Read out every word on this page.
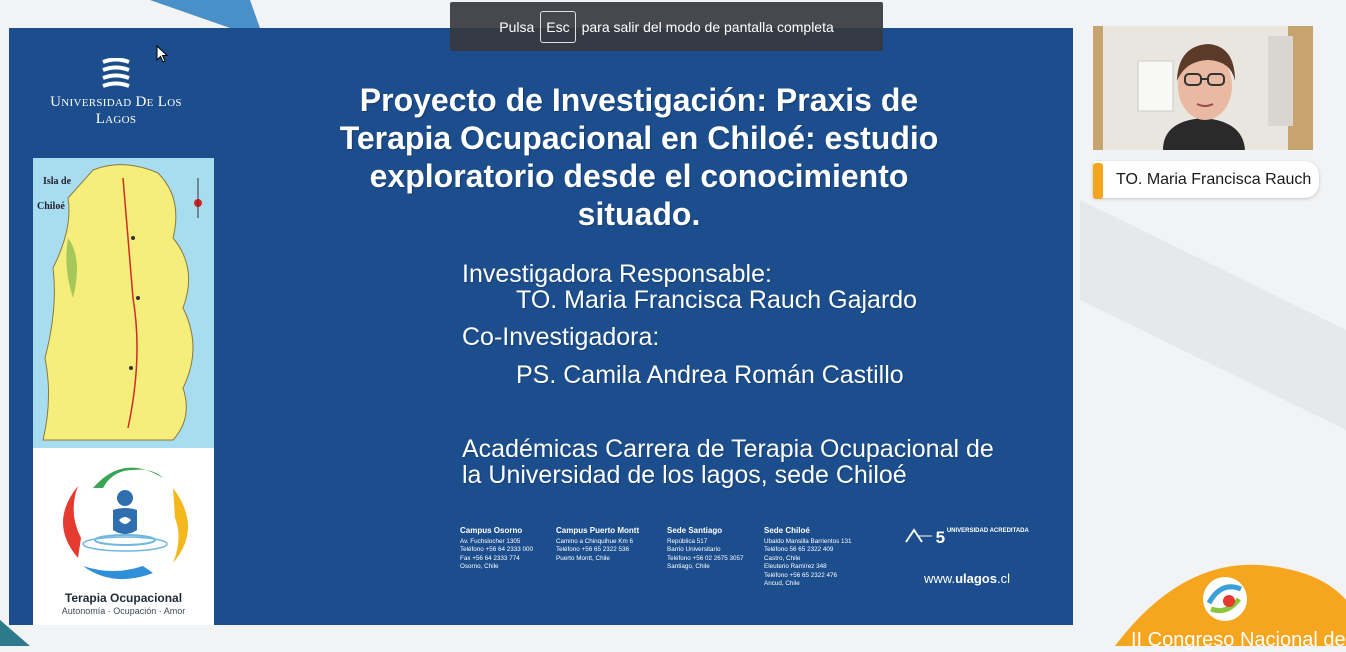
Universidad De Los Lagos
Isla de
Chiloé
Terapia Ocupacional
Autonomía · Ocupación · Amor
Proyecto de Investigación: Praxis de
Terapia Ocupacional en Chiloé: estudio
exploratorio desde el conocimiento
situado.
Investigadora Responsable:
TO. Maria Francisca Rauch Gajardo
Co-Investigadora:
PS. Camila Andrea Román Castillo
Académicas Carrera de Terapia Ocupacional de
la Universidad de los lagos, sede Chiloé
Campus Osorno
Av. Fuchslocher 1305
Teléfono +56 64 2333 000
Fax +56 64 2333 774
Osorno, Chile
Campus Puerto Montt
Camino a Chinquihue Km 6
Teléfono +56 65 2322 536
Puerto Montt, Chile
Sede Santiago
República 517
Barrio Universitario
Teléfono +56 02 2675 3057
Santiago, Chile
Sede Chiloé
Ubaldo Mansilla Barrientos 131
Teléfono 56 65 2322 409
Castro, Chile
Eleuterio Ramírez 348
Teléfono +56 65 2322 476
Ancud, Chile
5 UNIVERSIDAD ACREDITADA
www.ulagos.cl
Pulsa Esc para salir del modo de pantalla completa
TO. Maria Francisca Rauch
II Congreso Nacional de
